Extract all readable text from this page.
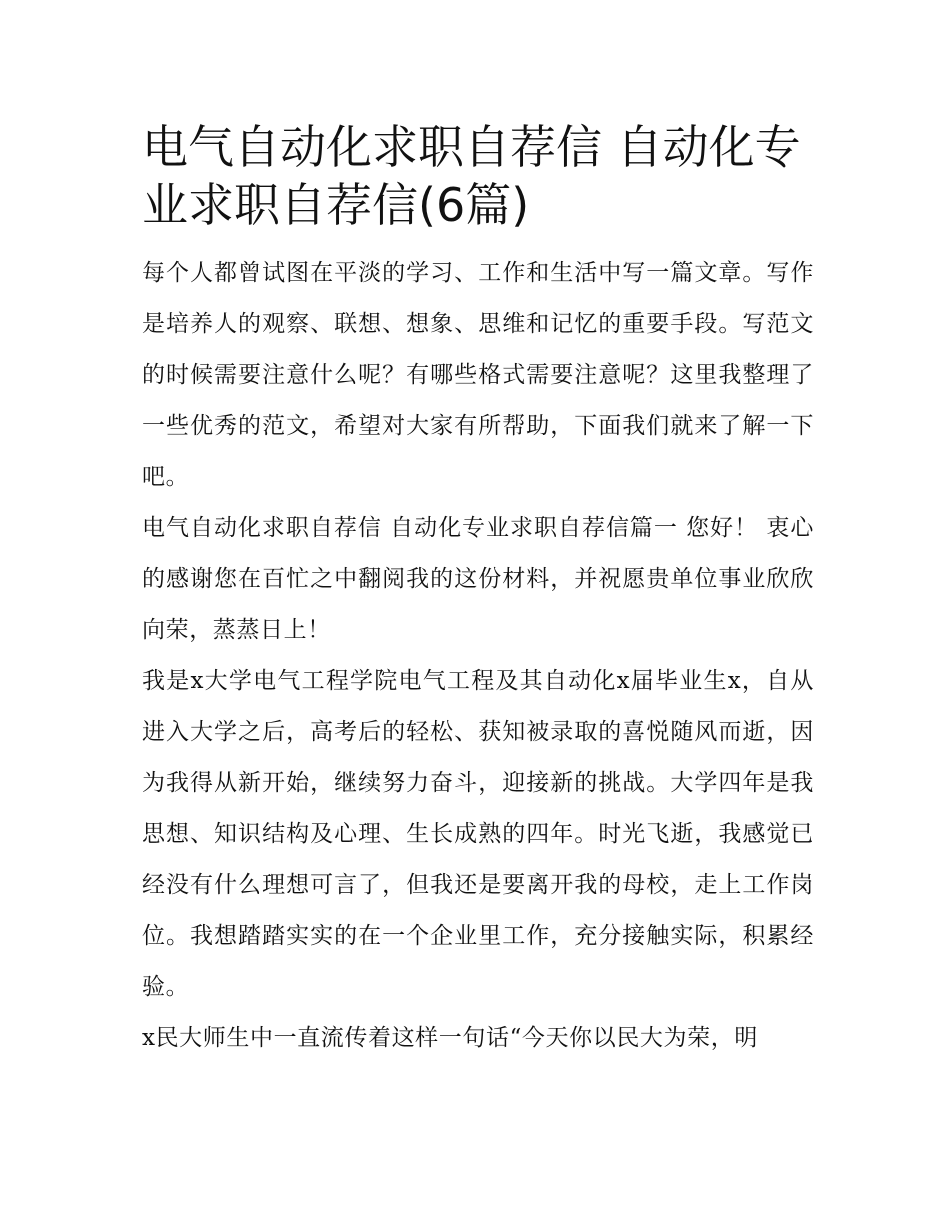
电气自动化求职自荐信 自动化专业求职自荐信(6篇)

每个人都曾试图在平淡的学习、工作和生活中写一篇文章。写作是培养人的观察、联想、想象、思维和记忆的重要手段。写范文的时候需要注意什么呢？有哪些格式需要注意呢？这里我整理了一些优秀的范文，希望对大家有所帮助，下面我们就来了解一下吧。

电气自动化求职自荐信 自动化专业求职自荐信篇一 您好！ 衷心的感谢您在百忙之中翻阅我的这份材料，并祝愿贵单位事业欣欣向荣，蒸蒸日上！

我是x大学电气工程学院电气工程及其自动化x届毕业生x，自从进入大学之后，高考后的轻松、获知被录取的喜悦随风而逝，因为我得从新开始，继续努力奋斗，迎接新的挑战。大学四年是我思想、知识结构及心理、生长成熟的四年。时光飞逝，我感觉已经没有什么理想可言了，但我还是要离开我的母校，走上工作岗位。我想踏踏实实的在一个企业里工作，充分接触实际，积累经验。

x民大师生中一直流传着这样一句话“今天你以民大为荣，明
